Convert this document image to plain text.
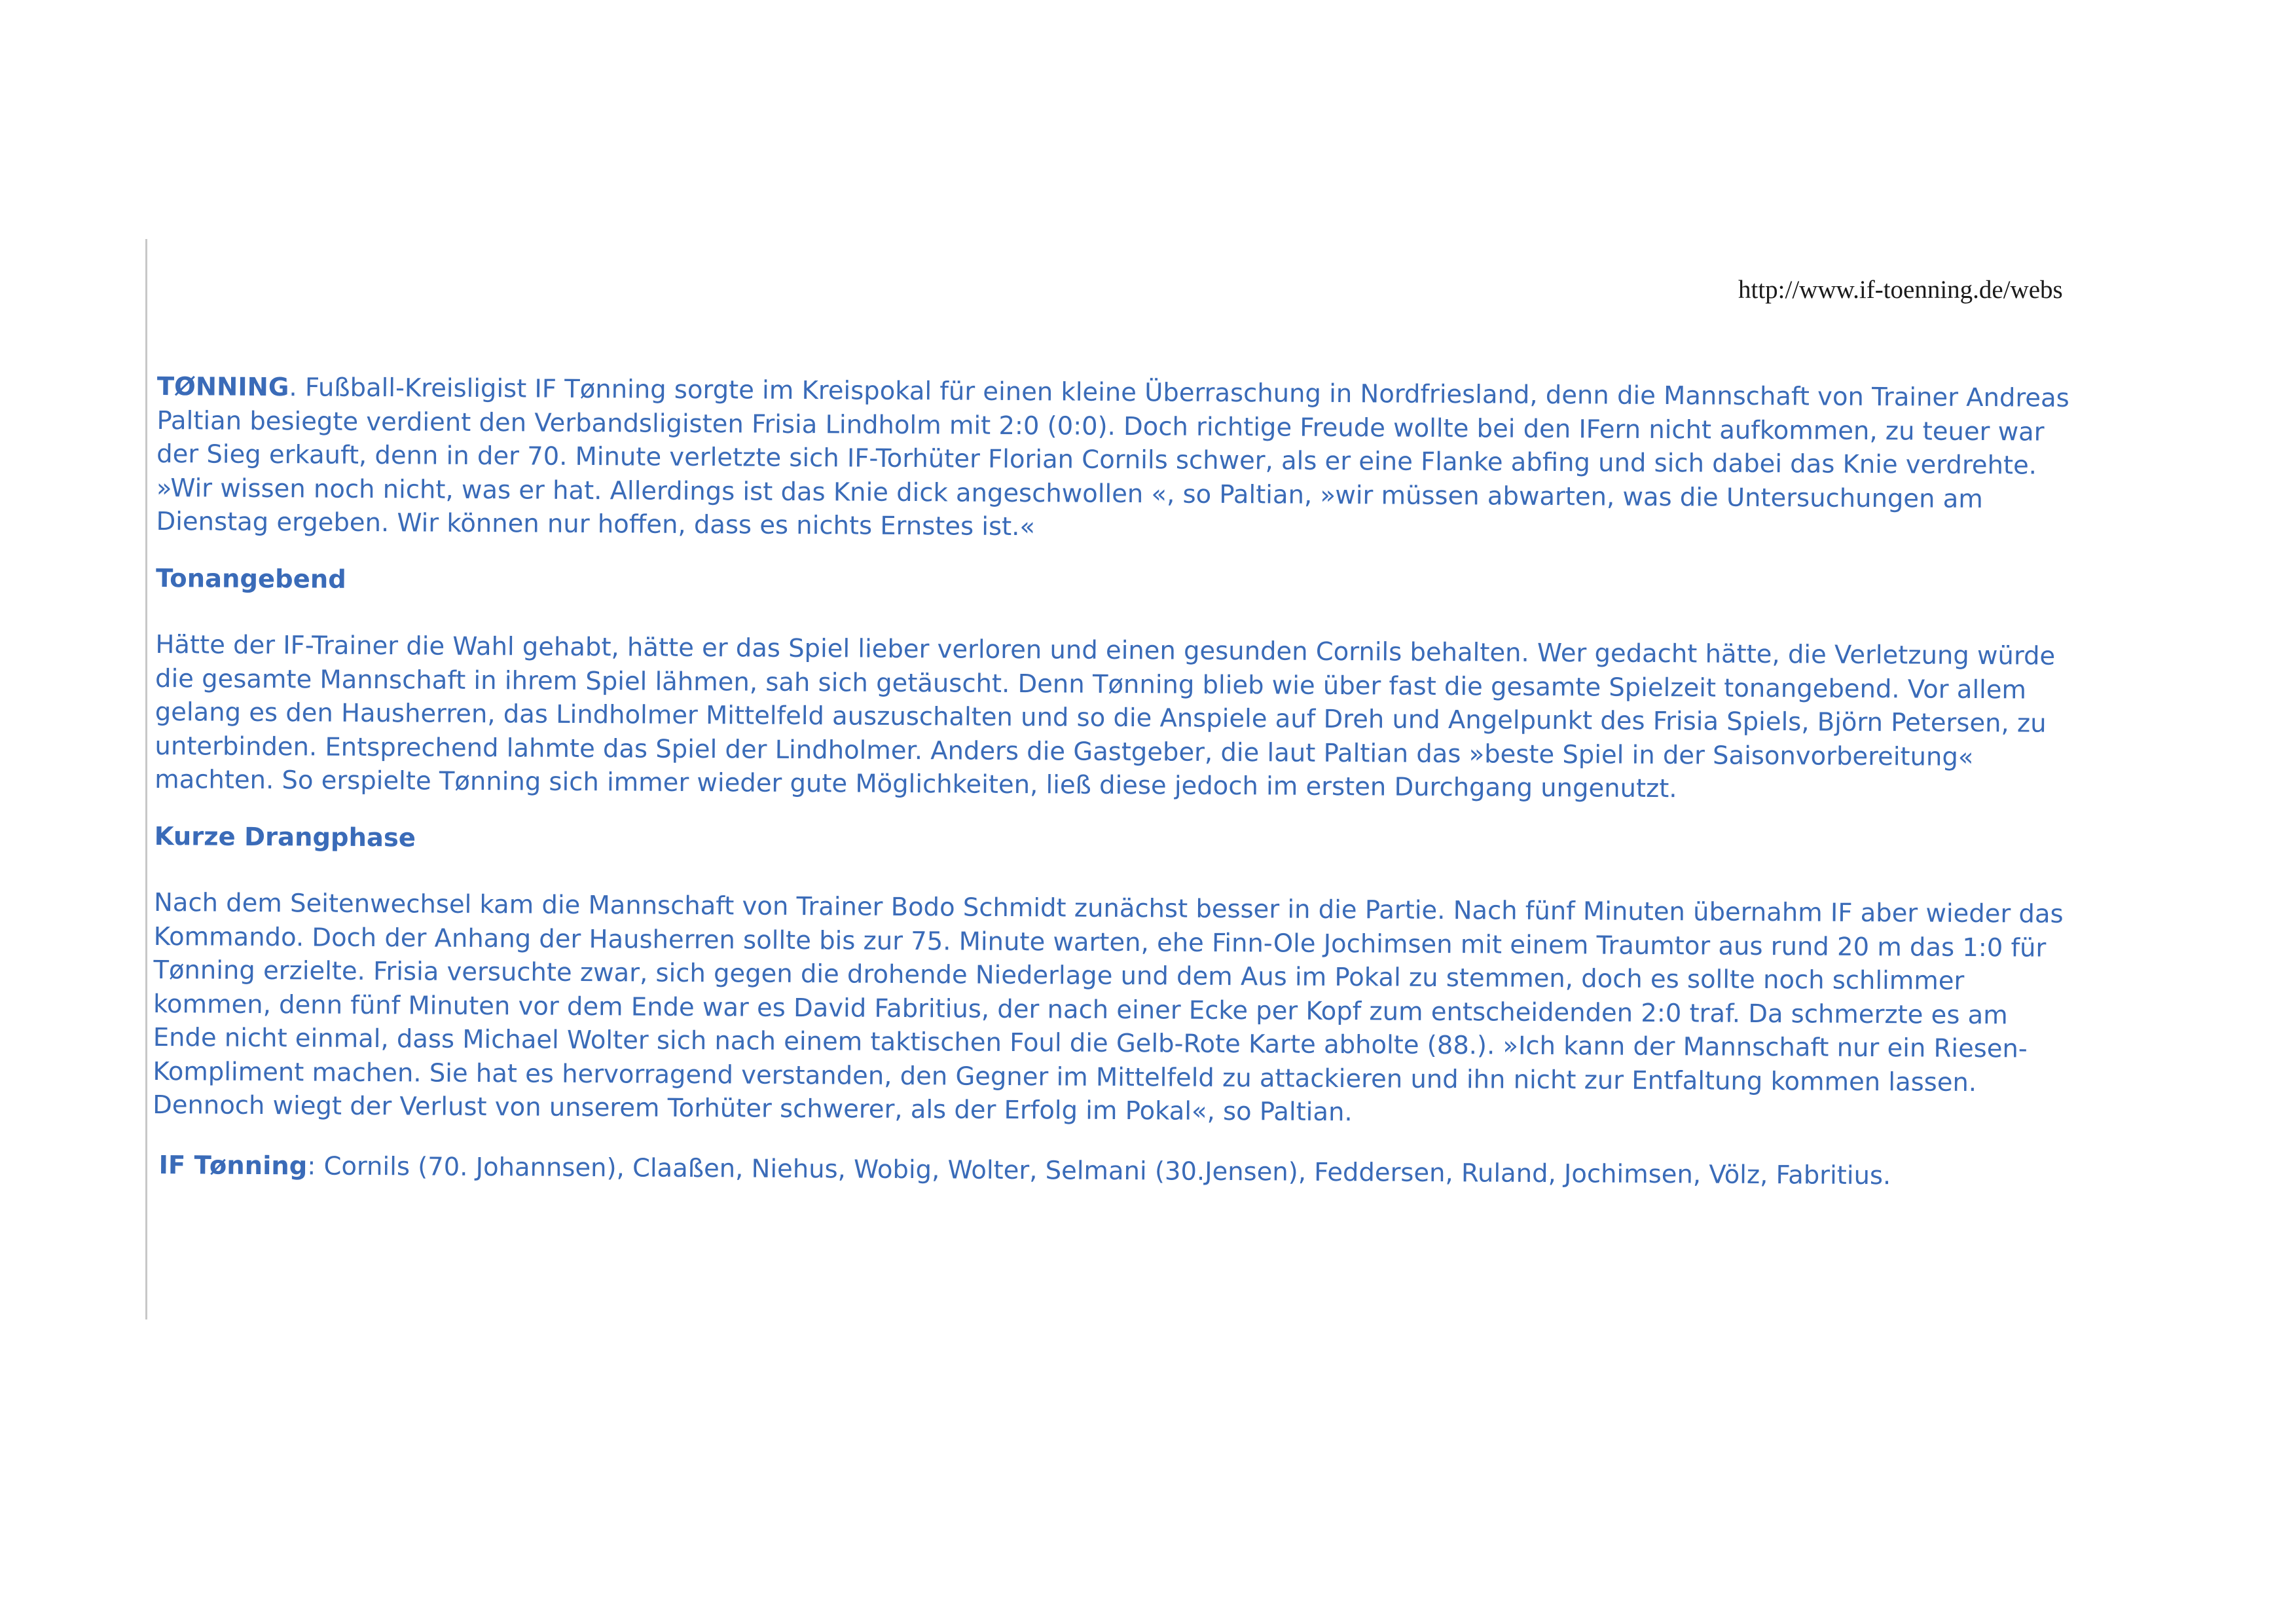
http://www.if-toenning.de/webs

TØNNING. Fußball-Kreisligist IF Tønning sorgte im Kreispokal für einen kleine Überraschung in Nordfriesland, denn die Mannschaft von Trainer Andreas Paltian besiegte verdient den Verbandsligisten Frisia Lindholm mit 2:0 (0:0). Doch richtige Freude wollte bei den IFern nicht aufkommen, zu teuer war der Sieg erkauft, denn in der 70. Minute verletzte sich IF-Torhüter Florian Cornils schwer, als er eine Flanke abfing und sich dabei das Knie verdrehte. »Wir wissen noch nicht, was er hat. Allerdings ist das Knie dick angeschwollen «, so Paltian, »wir müssen abwarten, was die Untersuchungen am Dienstag ergeben. Wir können nur hoffen, dass es nichts Ernstes ist.«

Tonangebend

Hätte der IF-Trainer die Wahl gehabt, hätte er das Spiel lieber verloren und einen gesunden Cornils behalten. Wer gedacht hätte, die Verletzung würde die gesamte Mannschaft in ihrem Spiel lähmen, sah sich getäuscht. Denn Tønning blieb wie über fast die gesamte Spielzeit tonangebend. Vor allem gelang es den Hausherren, das Lindholmer Mittelfeld auszuschalten und so die Anspiele auf Dreh und Angelpunkt des Frisia Spiels, Björn Petersen, zu unterbinden. Entsprechend lahmte das Spiel der Lindholmer. Anders die Gastgeber, die laut Paltian das »beste Spiel in der Saisonvorbereitung« machten. So erspielte Tønning sich immer wieder gute Möglichkeiten, ließ diese jedoch im ersten Durchgang ungenutzt.

Kurze Drangphase

Nach dem Seitenwechsel kam die Mannschaft von Trainer Bodo Schmidt zunächst besser in die Partie. Nach fünf Minuten übernahm IF aber wieder das Kommando. Doch der Anhang der Hausherren sollte bis zur 75. Minute warten, ehe Finn-Ole Jochimsen mit einem Traumtor aus rund 20 m das 1:0 für Tønning erzielte. Frisia versuchte zwar, sich gegen die drohende Niederlage und dem Aus im Pokal zu stemmen, doch es sollte noch schlimmer kommen, denn fünf Minuten vor dem Ende war es David Fabritius, der nach einer Ecke per Kopf zum entscheidenden 2:0 traf. Da schmerzte es am Ende nicht einmal, dass Michael Wolter sich nach einem taktischen Foul die Gelb-Rote Karte abholte (88.). »Ich kann der Mannschaft nur ein Riesen-Kompliment machen. Sie hat es hervorragend verstanden, den Gegner im Mittelfeld zu attackieren und ihn nicht zur Entfaltung kommen lassen. Dennoch wiegt der Verlust von unserem Torhüter schwerer, als der Erfolg im Pokal«, so Paltian.

IF Tønning: Cornils (70. Johannsen), Claaßen, Niehus, Wobig, Wolter, Selmani (30.Jensen), Feddersen, Ruland, Jochimsen, Völz, Fabritius.
